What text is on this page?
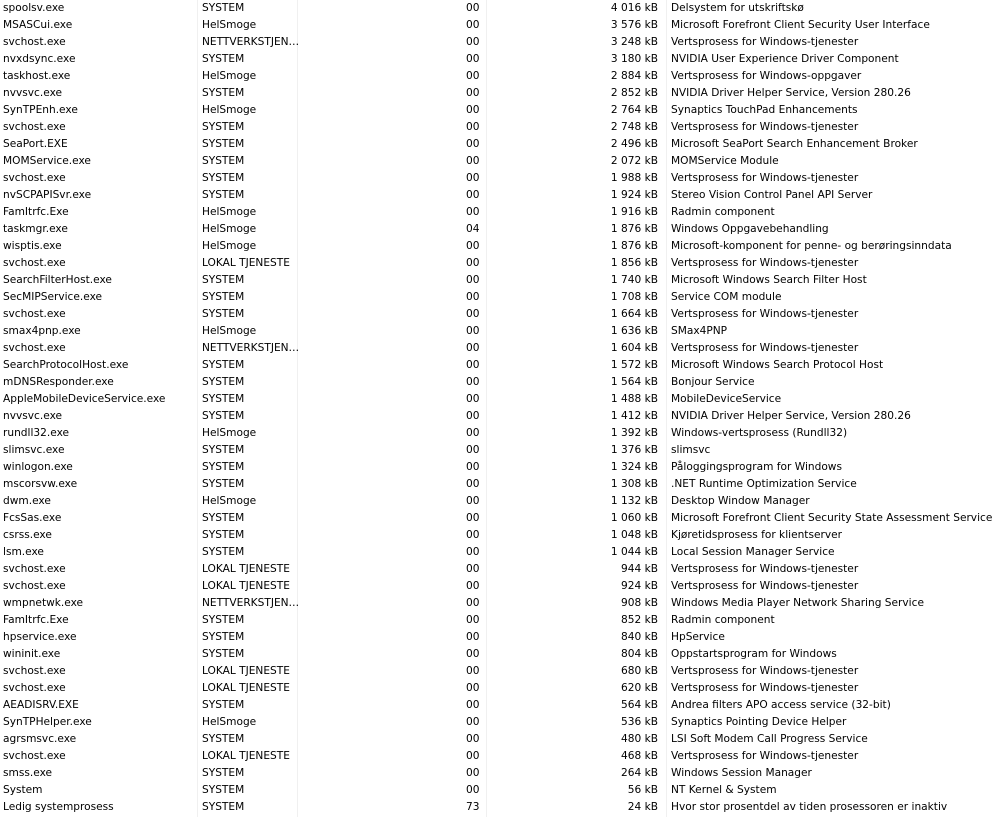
spoolsv.exe	SYSTEM	00	4 016 kB Delsystem for utskriftskø
MSASCui.exe	HelSmoge	00	3 576 kB Microsoft Forefront Client Security User Interface
svchost.exe	NETTVERKSTJEN…	00	3 248 kB Vertsprosess for Windows-tjenester
nvxdsync.exe	SYSTEM	00	3 180 kB NVIDIA User Experience Driver Component
taskhost.exe	HelSmoge	00	2 884 kB Vertsprosess for Windows-oppgaver
nvvsvc.exe	SYSTEM	00	2 852 kB NVIDIA Driver Helper Service, Version 280.26
SynTPEnh.exe	HelSmoge	00	2 764 kB Synaptics TouchPad Enhancements
svchost.exe	SYSTEM	00	2 748 kB Vertsprosess for Windows-tjenester
SeaPort.EXE	SYSTEM	00	2 496 kB Microsoft SeaPort Search Enhancement Broker
MOMService.exe	SYSTEM	00	2 072 kB MOMService Module
svchost.exe	SYSTEM	00	1 988 kB Vertsprosess for Windows-tjenester
nvSCPAPISvr.exe	SYSTEM	00	1 924 kB Stereo Vision Control Panel API Server
FamItrfc.Exe	HelSmoge	00	1 916 kB Radmin component
taskmgr.exe	HelSmoge	04	1 876 kB Windows Oppgavebehandling
wisptis.exe	HelSmoge	00	1 876 kB Microsoft-komponent for penne- og berøringsinndata
svchost.exe	LOKAL TJENESTE	00	1 856 kB Vertsprosess for Windows-tjenester
SearchFilterHost.exe	SYSTEM	00	1 740 kB Microsoft Windows Search Filter Host
SecMIPService.exe	SYSTEM	00	1 708 kB Service COM module
svchost.exe	SYSTEM	00	1 664 kB Vertsprosess for Windows-tjenester
smax4pnp.exe	HelSmoge	00	1 636 kB SMax4PNP
svchost.exe	NETTVERKSTJEN…	00	1 604 kB Vertsprosess for Windows-tjenester
SearchProtocolHost.exe	SYSTEM	00	1 572 kB Microsoft Windows Search Protocol Host
mDNSResponder.exe	SYSTEM	00	1 564 kB Bonjour Service
AppleMobileDeviceService.exe	SYSTEM	00	1 488 kB MobileDeviceService
nvvsvc.exe	SYSTEM	00	1 412 kB NVIDIA Driver Helper Service, Version 280.26
rundll32.exe	HelSmoge	00	1 392 kB Windows-vertsprosess (Rundll32)
slimsvc.exe	SYSTEM	00	1 376 kB slimsvc
winlogon.exe	SYSTEM	00	1 324 kB Påloggingsprogram for Windows
mscorsvw.exe	SYSTEM	00	1 308 kB .NET Runtime Optimization Service
dwm.exe	HelSmoge	00	1 132 kB Desktop Window Manager
FcsSas.exe	SYSTEM	00	1 060 kB Microsoft Forefront Client Security State Assessment Service
csrss.exe	SYSTEM	00	1 048 kB Kjøretidsprosess for klientserver
lsm.exe	SYSTEM	00	1 044 kB Local Session Manager Service
svchost.exe	LOKAL TJENESTE	00	944 kB Vertsprosess for Windows-tjenester
svchost.exe	LOKAL TJENESTE	00	924 kB Vertsprosess for Windows-tjenester
wmpnetwk.exe	NETTVERKSTJEN…	00	908 kB Windows Media Player Network Sharing Service
FamItrfc.Exe	SYSTEM	00	852 kB Radmin component
hpservice.exe	SYSTEM	00	840 kB HpService
wininit.exe	SYSTEM	00	804 kB Oppstartsprogram for Windows
svchost.exe	LOKAL TJENESTE	00	680 kB Vertsprosess for Windows-tjenester
svchost.exe	LOKAL TJENESTE	00	620 kB Vertsprosess for Windows-tjenester
AEADISRV.EXE	SYSTEM	00	564 kB Andrea filters APO access service (32-bit)
SynTPHelper.exe	HelSmoge	00	536 kB Synaptics Pointing Device Helper
agrsmsvc.exe	SYSTEM	00	480 kB LSI Soft Modem Call Progress Service
svchost.exe	LOKAL TJENESTE	00	468 kB Vertsprosess for Windows-tjenester
smss.exe	SYSTEM	00	264 kB Windows Session Manager
System	SYSTEM	00	56 kB NT Kernel & System
Ledig systemprosess	SYSTEM	73	24 kB Hvor stor prosentdel av tiden prosessoren er inaktiv
